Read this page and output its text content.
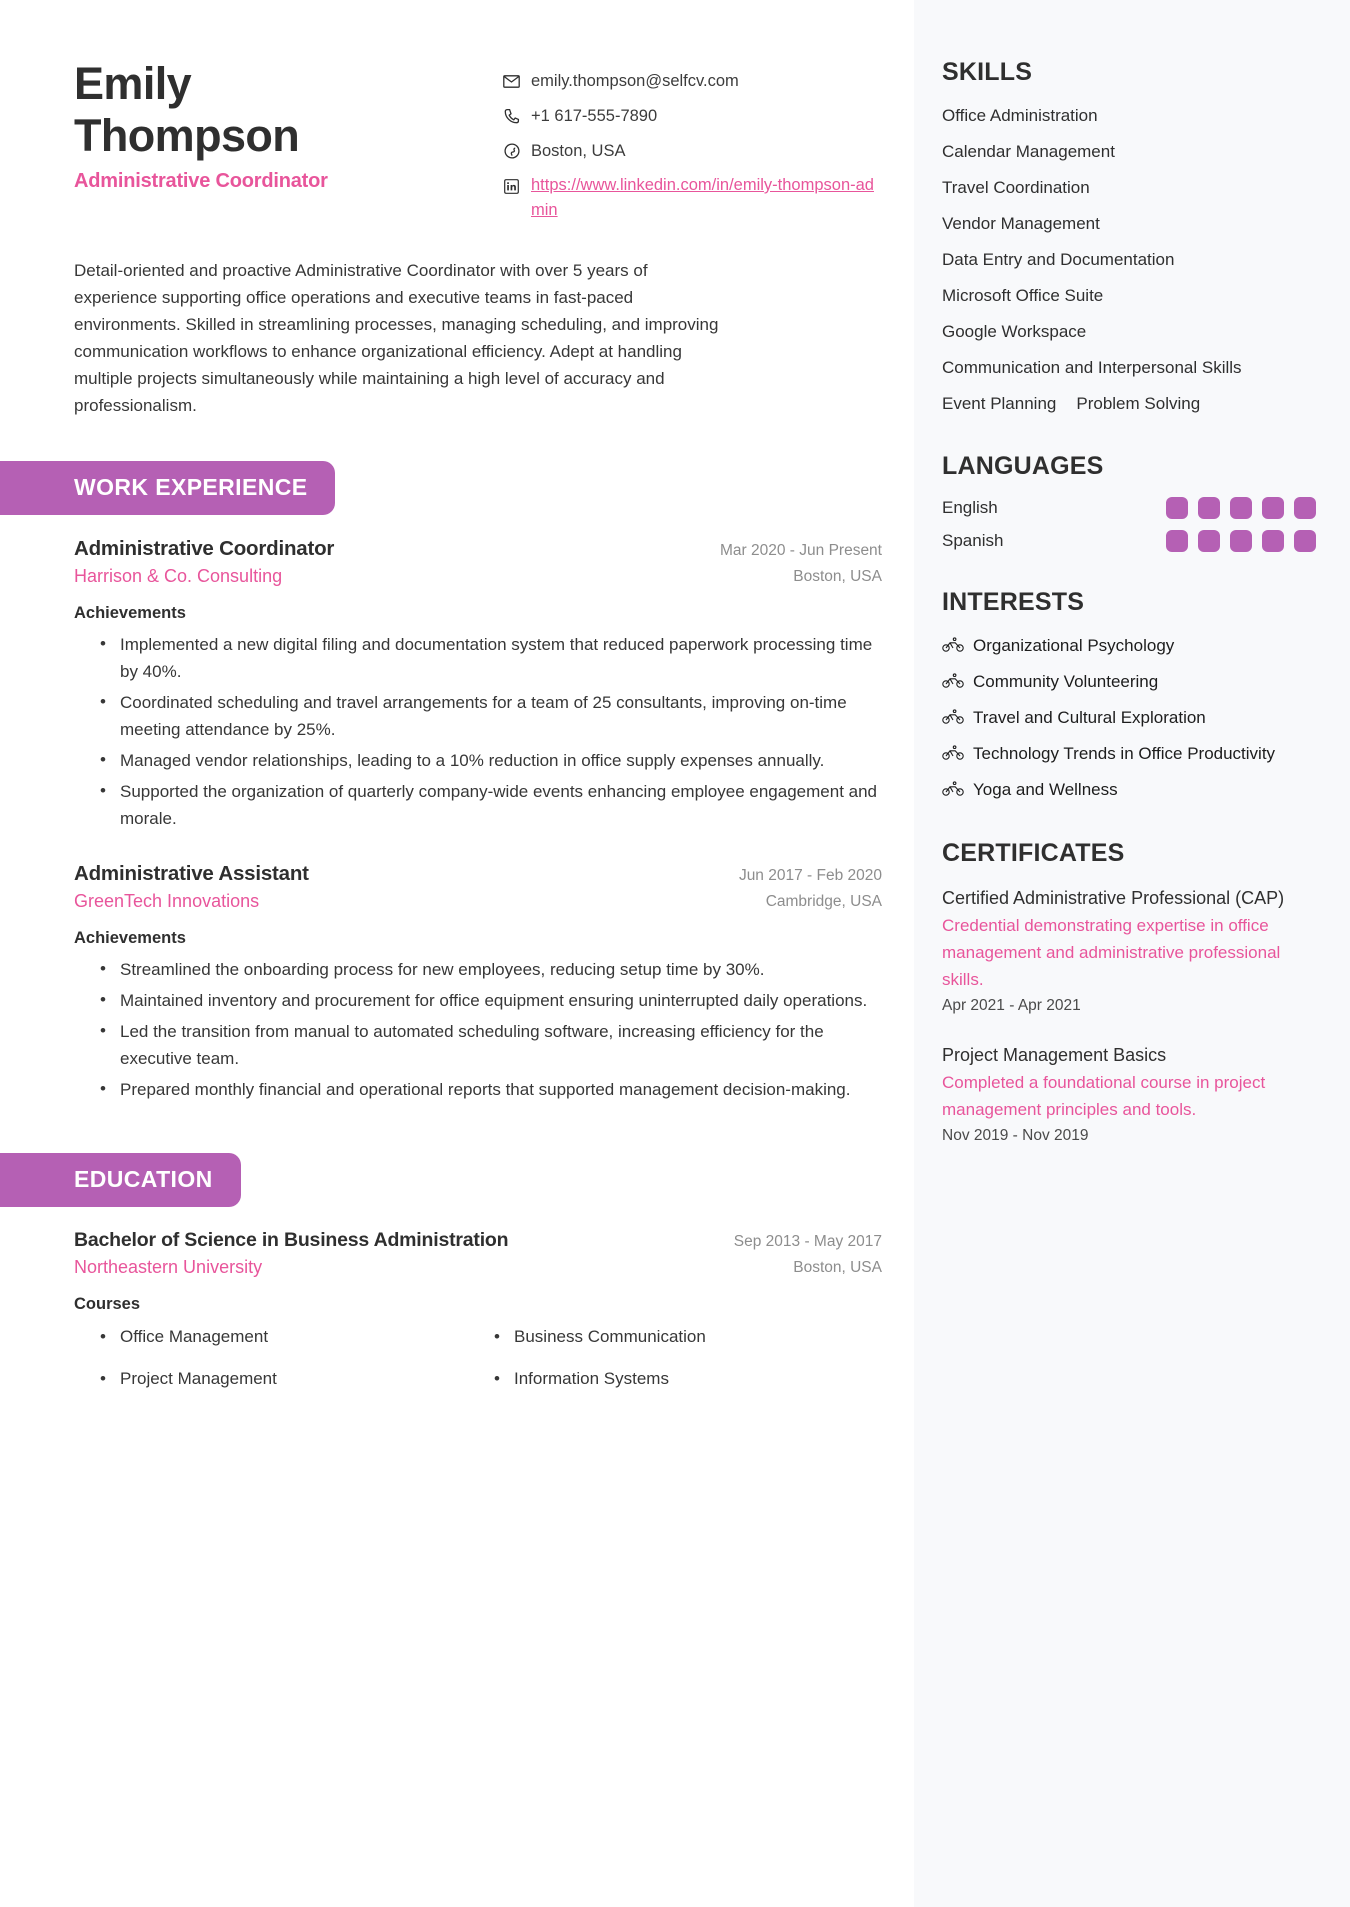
Emily
Thompson
Administrative Coordinator
emily.thompson@selfcv.com
+1 617-555-7890
Boston, USA
https://www.linkedin.com/in/emily-thompson-admin
Detail-oriented and proactive Administrative Coordinator with over 5 years of experience supporting office operations and executive teams in fast-paced environments. Skilled in streamlining processes, managing scheduling, and improving communication workflows to enhance organizational efficiency. Adept at handling multiple projects simultaneously while maintaining a high level of accuracy and professionalism.
WORK EXPERIENCE
Administrative Coordinator
Harrison & Co. Consulting
Mar 2020 - Jun Present
Boston, USA
Achievements
• Implemented a new digital filing and documentation system that reduced paperwork processing time by 40%.
• Coordinated scheduling and travel arrangements for a team of 25 consultants, improving on-time meeting attendance by 25%.
• Managed vendor relationships, leading to a 10% reduction in office supply expenses annually.
• Supported the organization of quarterly company-wide events enhancing employee engagement and morale.
Administrative Assistant
GreenTech Innovations
Jun 2017 - Feb 2020
Cambridge, USA
Achievements
• Streamlined the onboarding process for new employees, reducing setup time by 30%.
• Maintained inventory and procurement for office equipment ensuring uninterrupted daily operations.
• Led the transition from manual to automated scheduling software, increasing efficiency for the executive team.
• Prepared monthly financial and operational reports that supported management decision-making.
EDUCATION
Bachelor of Science in Business Administration
Northeastern University
Sep 2013 - May 2017
Boston, USA
Courses
• Office Management	• Business Communication
• Project Management	• Information Systems
SKILLS
Office Administration
Calendar Management
Travel Coordination
Vendor Management
Data Entry and Documentation
Microsoft Office Suite
Google Workspace
Communication and Interpersonal Skills
Event Planning Problem Solving
LANGUAGES
English
Spanish
INTERESTS
Organizational Psychology
Community Volunteering
Travel and Cultural Exploration
Technology Trends in Office Productivity
Yoga and Wellness
CERTIFICATES
Certified Administrative Professional (CAP)
Credential demonstrating expertise in office management and administrative professional skills.
Apr 2021 - Apr 2021
Project Management Basics
Completed a foundational course in project management principles and tools.
Nov 2019 - Nov 2019
